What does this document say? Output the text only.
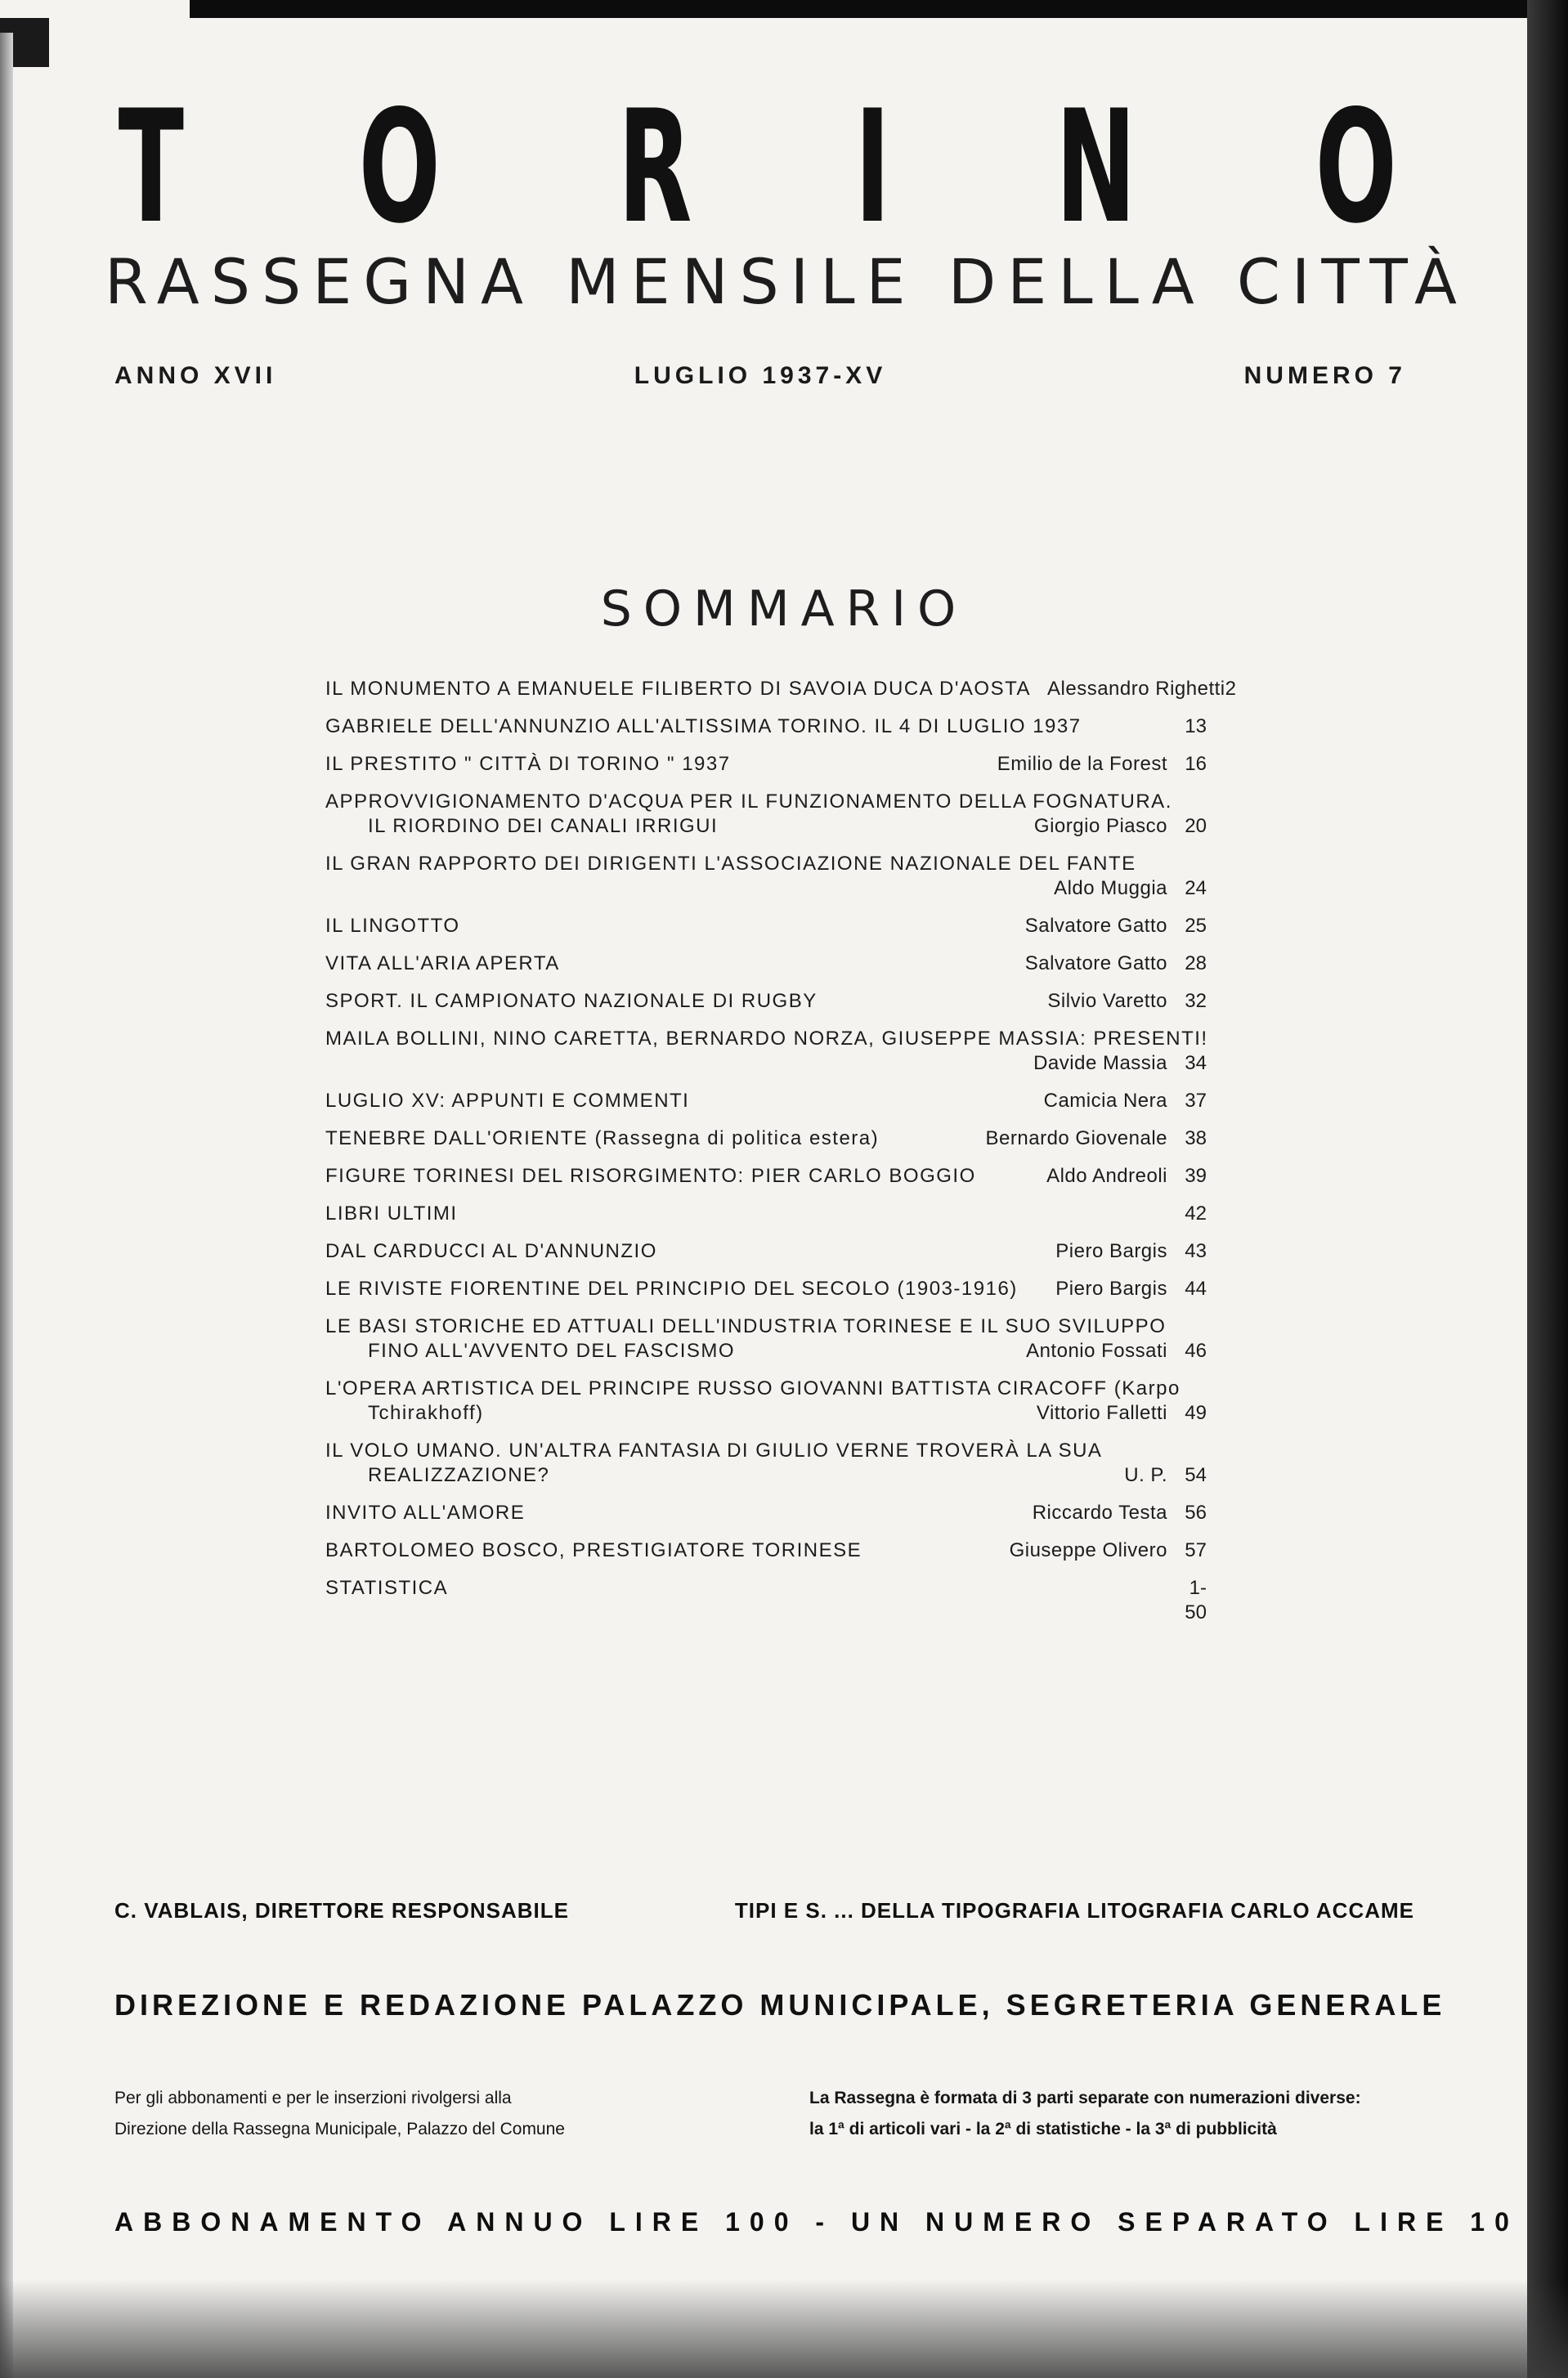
T O R I N O
RASSEGNA MENSILE DELLA CITTÀ
ANNO XVII	LUGLIO 1937-XV	NUMERO 7
SOMMARIO
IL MONUMENTO A EMANUELE FILIBERTO DI SAVOIA DUCA D'AOSTA Alessandro Righetti 2
GABRIELE DELL'ANNUNZIO ALL'ALTISSIMA TORINO. IL 4 DI LUGLIO 1937	13
IL PRESTITO " CITTÀ DI TORINO " 1937	Emilio de la Forest 16
APPROVVIGIONAMENTO D'ACQUA PER IL FUNZIONAMENTO DELLA FOGNATURA.
IL RIORDINO DEI CANALI IRRIGUI	Giorgio Piasco 20
IL GRAN RAPPORTO DEI DIRIGENTI L'ASSOCIAZIONE NAZIONALE DEL FANTE
Aldo Muggia 24
IL LINGOTTO	Salvatore Gatto 25
VITA ALL'ARIA APERTA	Salvatore Gatto 28
SPORT. IL CAMPIONATO NAZIONALE DI RUGBY	Silvio Varetto 32
MAILA BOLLINI, NINO CARETTA, BERNARDO NORZA, GIUSEPPE MASSIA: PRESENTI!
Davide Massia 34
LUGLIO XV: APPUNTI E COMMENTI	Camicia Nera 37
TENEBRE DALL'ORIENTE (Rassegna di politica estera)	Bernardo Giovenale 38
FIGURE TORINESI DEL RISORGIMENTO: PIER CARLO BOGGIO	Aldo Andreoli 39
LIBRI ULTIMI	42
DAL CARDUCCI AL D'ANNUNZIO	Piero Bargis 43
LE RIVISTE FIORENTINE DEL PRINCIPIO DEL SECOLO (1903-1916)	Piero Bargis 44
LE BASI STORICHE ED ATTUALI DELL'INDUSTRIA TORINESE E IL SUO SVILUPPO
FINO ALL'AVVENTO DEL FASCISMO	Antonio Fossati 46
L'OPERA ARTISTICA DEL PRINCIPE RUSSO GIOVANNI BATTISTA CIRACOFF (Karpo
Tchirakhoff)	Vittorio Falletti 49
IL VOLO UMANO. UN'ALTRA FANTASIA DI GIULIO VERNE TROVERÀ LA SUA
REALIZZAZIONE?	U. P. 54
INVITO ALL'AMORE	Riccardo Testa 56
BARTOLOMEO BOSCO, PRESTIGIATORE TORINESE	Giuseppe Olivero 57
STATISTICA	1-50
C. VABLAIS, DIRETTORE RESPONSABILE	TIPI E S. ... DELLA TIPOGRAFIA LITOGRAFIA CARLO ACCAME
DIREZIONE E REDAZIONE PALAZZO MUNICIPALE, SEGRETERIA GENERALE
Per gli abbonamenti e per le inserzioni rivolgersi alla
Direzione della Rassegna Municipale, Palazzo del Comune
La Rassegna è formata di 3 parti separate con numerazioni diverse:
la 1ª di articoli vari - la 2ª di statistiche - la 3ª di pubblicità
ABBONAMENTO ANNUO LIRE 100 - UN NUMERO SEPARATO LIRE 10
